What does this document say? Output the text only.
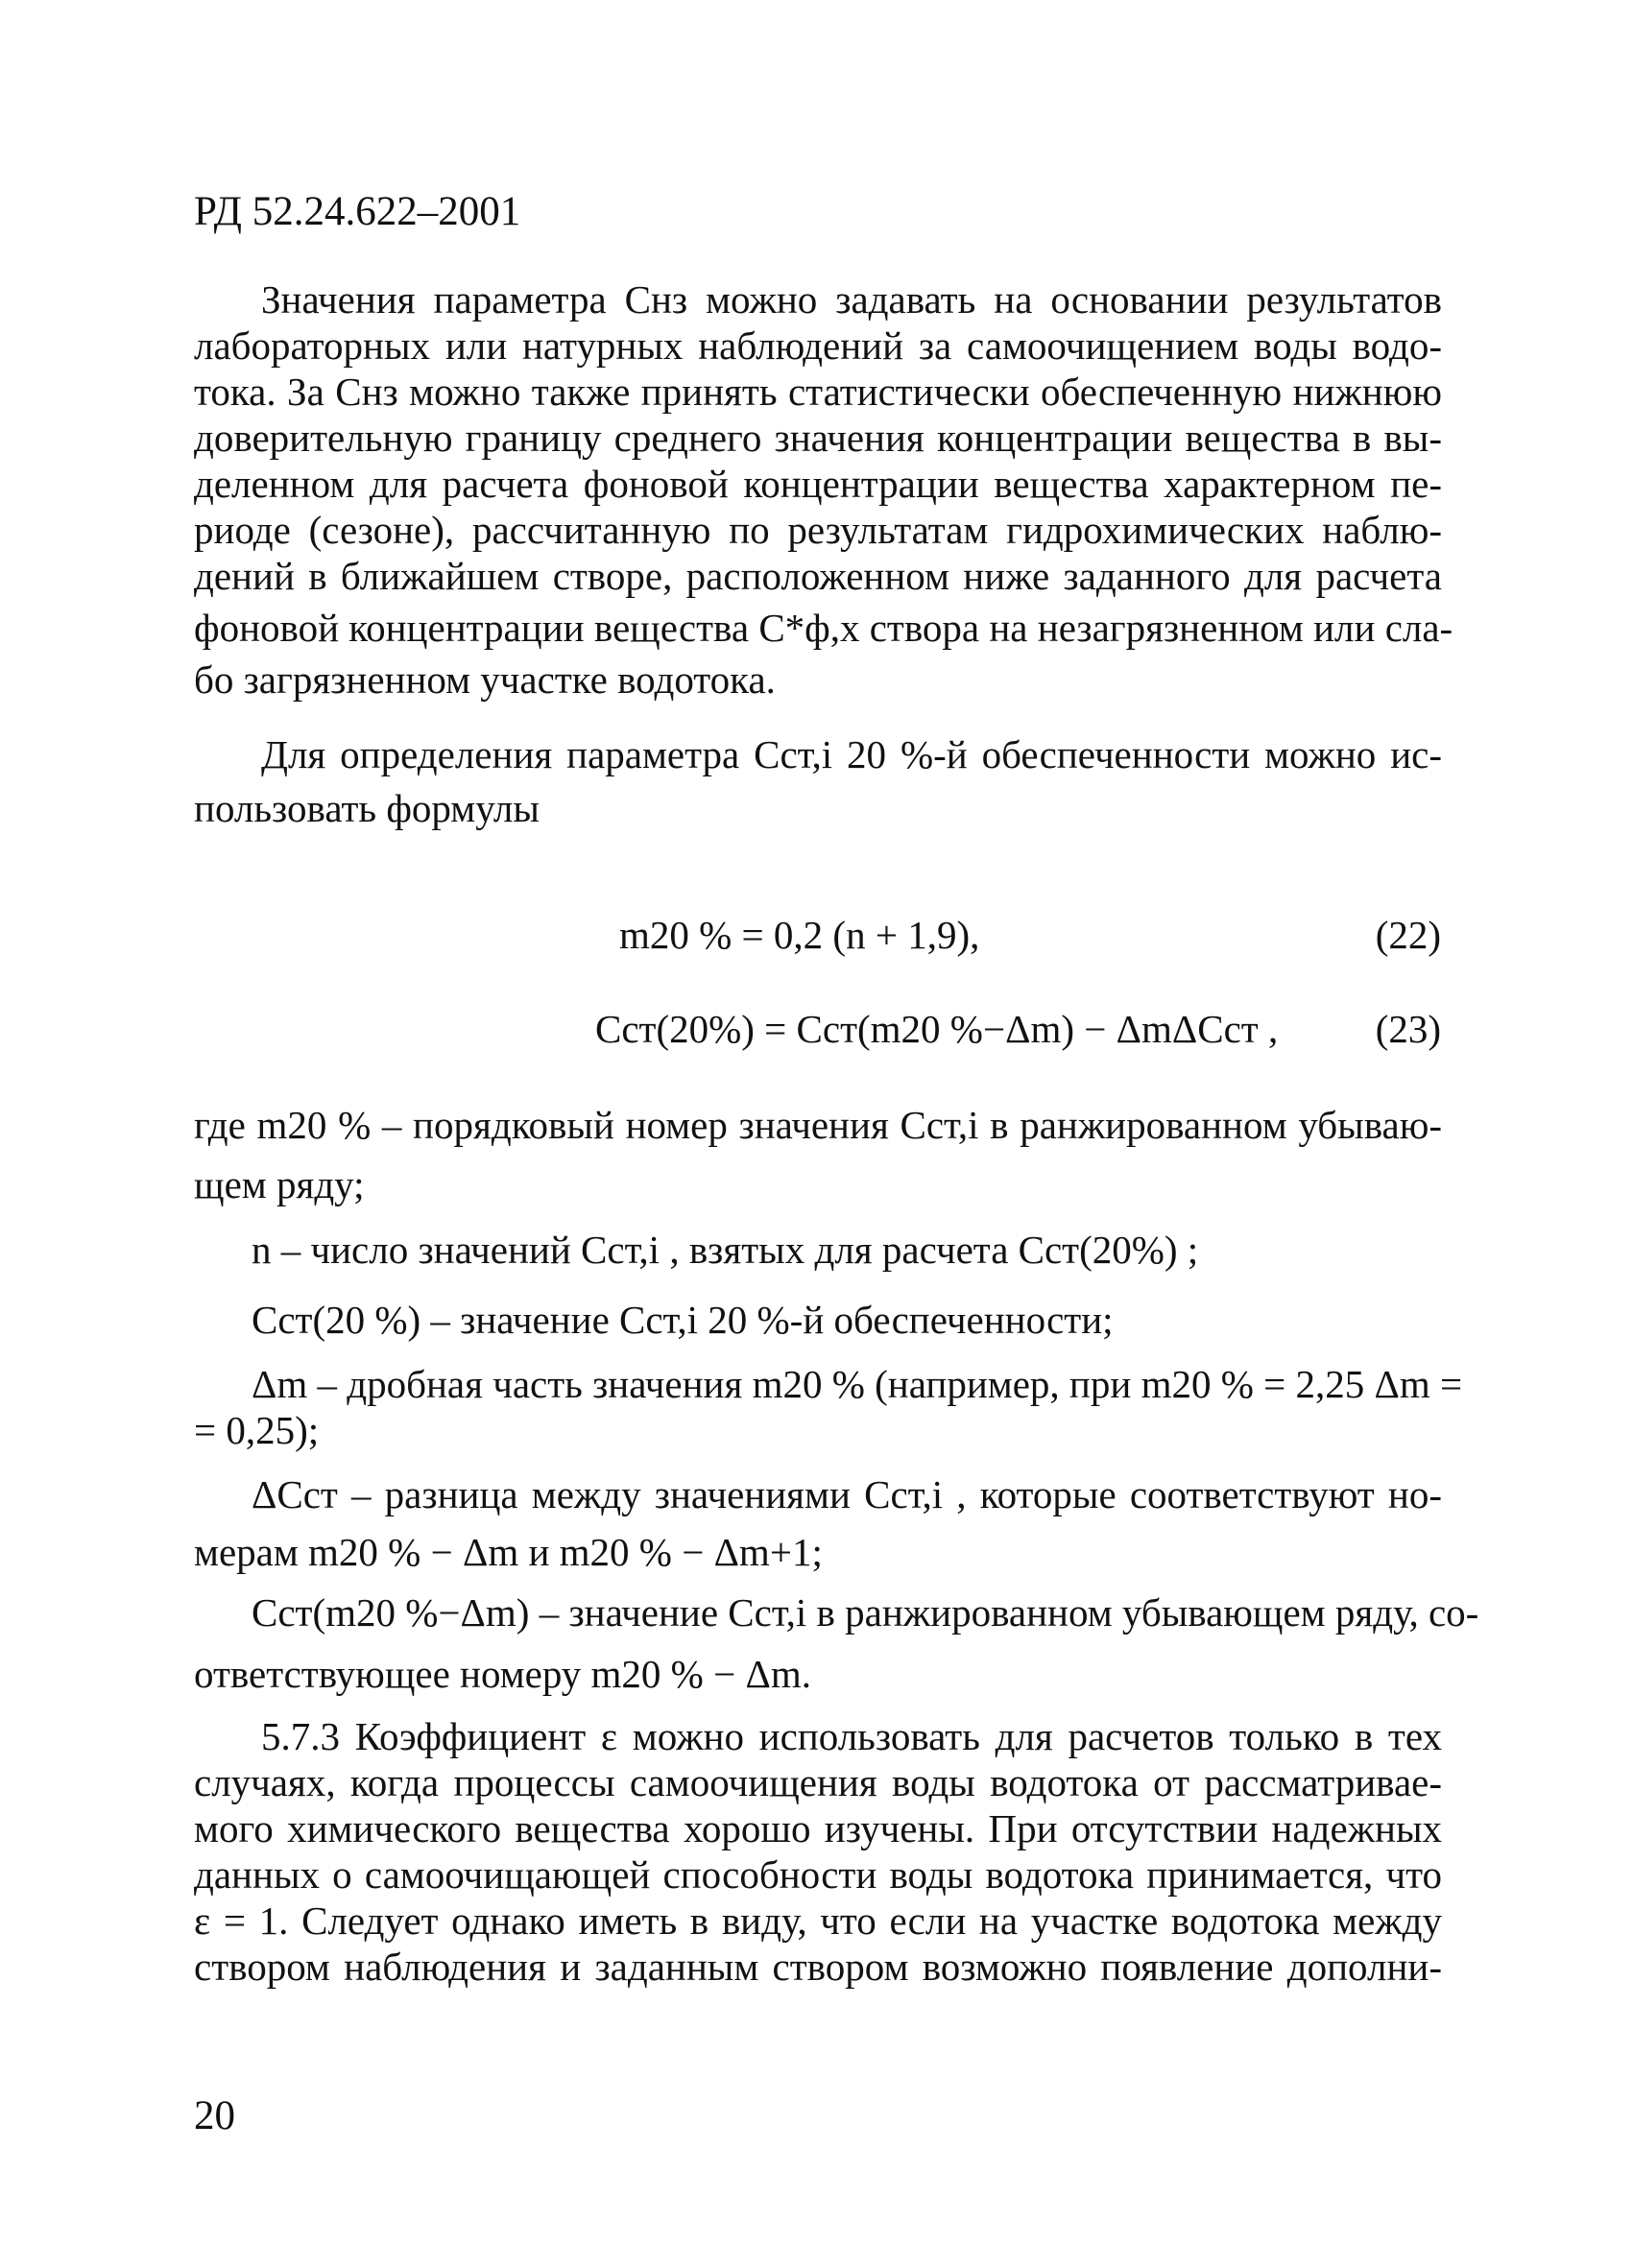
РД 52.24.622–2001
Значения параметра Cнз можно задавать на основании результатов
лабораторных или натурных наблюдений за самоочищением воды водо-
тока. За Cнз можно также принять статистически обеспеченную нижнюю
доверительную границу среднего значения концентрации вещества в вы-
деленном для расчета фоновой концентрации вещества характерном пе-
риоде (сезоне), рассчитанную по результатам гидрохимических наблю-
дений в ближайшем створе, расположенном ниже заданного для расчета
фоновой концентрации вещества C*ф,x створа на незагрязненном или сла-
бо загрязненном участке водотока.
Для определения параметра Cст,i 20 %-й обеспеченности можно ис-
пользовать формулы
m20 % = 0,2 (n + 1,9),	(22)
Cст(20%) = Cст(m20 %−Δm) − ΔmΔCст , (23)
где m20 % – порядковый номер значения Cст,i в ранжированном убываю-
щем ряду;
n – число значений Cст,i , взятых для расчета Cст(20%) ;
Cст(20 %) – значение Cст,i 20 %-й обеспеченности;
Δm – дробная часть значения m20 % (например, при m20 % = 2,25 Δm =
= 0,25);
ΔCст – разница между значениями Cст,i , которые соответствуют но-
мерам m20 % − Δm и m20 % − Δm+1;
Cст(m20 %−Δm) – значение Cст,i в ранжированном убывающем ряду, со-
ответствующее номеру m20 % − Δm.
5.7.3 Коэффициент ε можно использовать для расчетов только в тех
случаях, когда процессы самоочищения воды водотока от рассматривае-
мого химического вещества хорошо изучены. При отсутствии надежных
данных о самоочищающей способности воды водотока принимается, что
ε = 1. Следует однако иметь в виду, что если на участке водотока между
створом наблюдения и заданным створом возможно появление дополни-
20
